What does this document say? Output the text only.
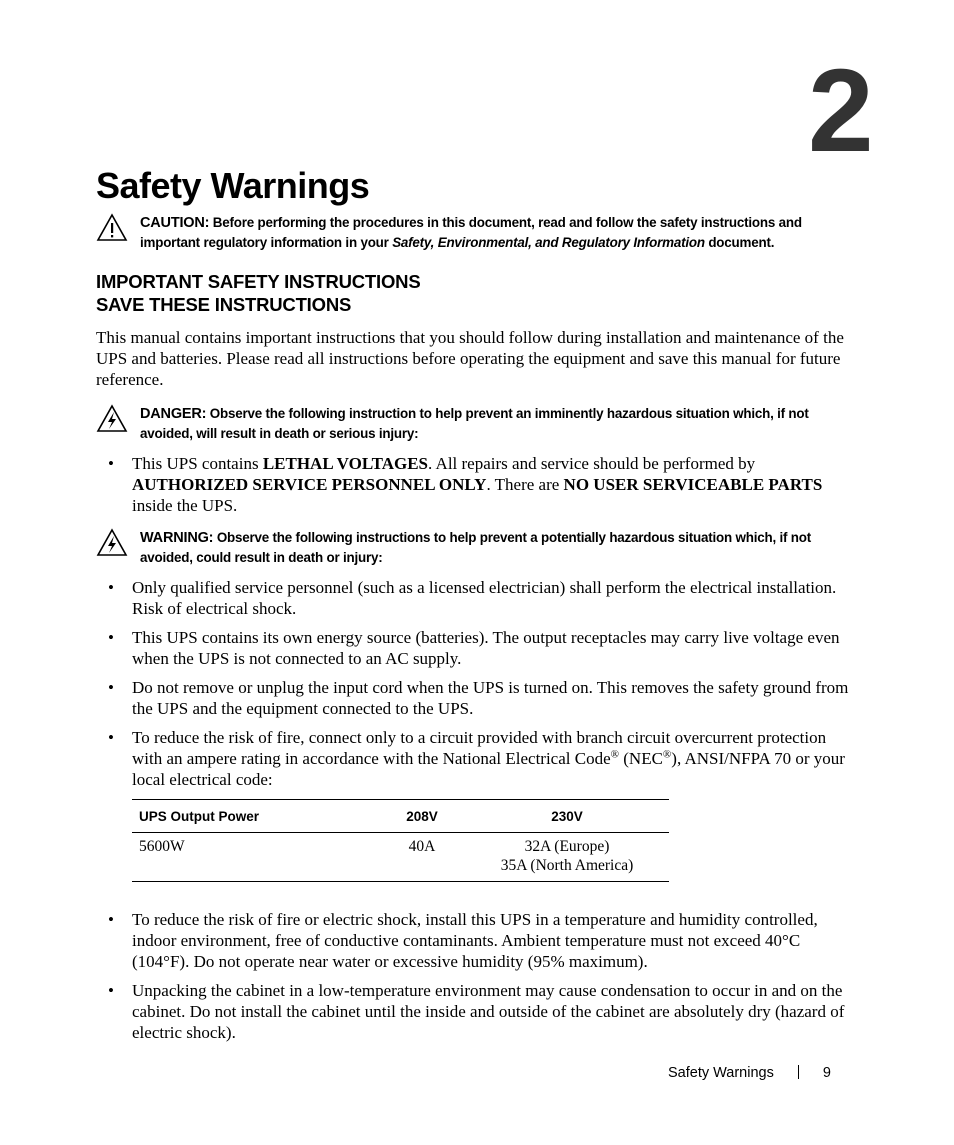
2
Safety Warnings
CAUTION: Before performing the procedures in this document, read and follow the safety instructions and important regulatory information in your Safety, Environmental, and Regulatory Information document.
IMPORTANT SAFETY INSTRUCTIONS
SAVE THESE INSTRUCTIONS

This manual contains important instructions that you should follow during installation and maintenance of the UPS and batteries. Please read all instructions before operating the equipment and save this manual for future reference.

DANGER: Observe the following instruction to help prevent an imminently hazardous situation which, if not avoided, will result in death or serious injury:

• This UPS contains LETHAL VOLTAGES. All repairs and service should be performed by AUTHORIZED SERVICE PERSONNEL ONLY. There are NO USER SERVICEABLE PARTS inside the UPS.

WARNING: Observe the following instructions to help prevent a potentially hazardous situation which, if not avoided, could result in death or injury:

• Only qualified service personnel (such as a licensed electrician) shall perform the electrical installation. Risk of electrical shock.

• This UPS contains its own energy source (batteries). The output receptacles may carry live voltage even when the UPS is not connected to an AC supply.

• Do not remove or unplug the input cord when the UPS is turned on. This removes the safety ground from the UPS and the equipment connected to the UPS.

• To reduce the risk of fire, connect only to a circuit provided with branch circuit overcurrent protection with an ampere rating in accordance with the National Electrical Code® (NEC®), ANSI/NFPA 70 or your local electrical code:

UPS Output Power	208V	230V
5600W	40A	32A (Europe)
35A (North America)

• To reduce the risk of fire or electric shock, install this UPS in a temperature and humidity controlled, indoor environment, free of conductive contaminants. Ambient temperature must not exceed 40°C (104°F). Do not operate near water or excessive humidity (95% maximum).

• Unpacking the cabinet in a low-temperature environment may cause condensation to occur in and on the cabinet. Do not install the cabinet until the inside and outside of the cabinet are absolutely dry (hazard of electric shock).

Safety Warnings	9
